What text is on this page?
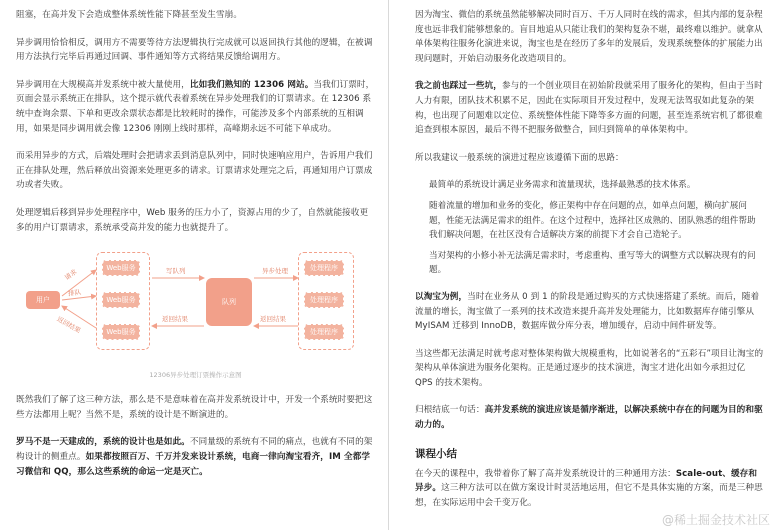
阻塞，在高并发下会造成整体系统性能下降甚至发生雪崩。

异步调用恰恰相反，调用方不需要等待方法逻辑执行完成就可以返回执行其他的逻辑，在被调用方法执行完毕后再通过回调、事件通知等方式将结果反馈给调用方。

异步调用在大规模高并发系统中被大量使用，比如我们熟知的 12306 网站。当我们订票时，页面会显示系统正在排队，这个提示就代表着系统在异步处理我们的订票请求。在 12306 系统中查询余票、下单和更改余票状态都是比较耗时的操作，可能涉及多个内部系统的互相调用，如果是同步调用就会像 12306 刚刚上线时那样，高峰期永远不可能下单成功。

而采用异步的方式，后端处理时会把请求丢到消息队列中，同时快速响应用户，告诉用户我们正在排队处理，然后释放出资源来处理更多的请求。订票请求处理完之后，再通知用户订票成功或者失败。

处理逻辑后移到异步处理程序中，Web 服务的压力小了，资源占用的少了，自然就能接收更多的用户订票请求，系统承受高并发的能力也就提升了。

用户
Web服务
Web服务
Web服务
队列
处理程序
处理程序
处理程序
请求
排队
返回结果
写队列
返回结果
异步处理
返回结果
12306异步处理订票操作示意图

既然我们了解了这三种方法，那么是不是意味着在高并发系统设计中，开发一个系统时要把这些方法都用上呢？当然不是，系统的设计是不断演进的。

罗马不是一天建成的，系统的设计也是如此。不同量级的系统有不同的痛点，也就有不同的架构设计的侧重点。如果都按照百万、千万并发来设计系统，电商一律向淘宝看齐，IM 全都学习微信和 QQ，那么这些系统的命运一定是灭亡。

因为淘宝、微信的系统虽然能够解决同时百万、千万人同时在线的需求，但其内部的复杂程度也远非我们能够想象的。盲目地追从只能让我们的架构复杂不堪，最终难以维护。就拿从单体架构往服务化演进来说，淘宝也是在经历了多年的发展后，发现系统整体的扩展能力出现问题时，开始启动服务化改造项目的。

我之前也踩过一些坑，参与的一个创业项目在初始阶段就采用了服务化的架构，但由于当时人力有限，团队技术积累不足，因此在实际项目开发过程中，发现无法驾驭如此复杂的架构，也出现了问题难以定位、系统整体性能下降等多方面的问题，甚至连系统宕机了都很难追查到根本原因，最后不得不把服务做整合，回归到简单的单体架构中。

所以我建议一般系统的演进过程应该遵循下面的思路：

最简单的系统设计满足业务需求和流量现状，选择最熟悉的技术体系。
随着流量的增加和业务的变化，修正架构中存在问题的点，如单点问题，横向扩展问题，性能无法满足需求的组件。在这个过程中，选择社区成熟的、团队熟悉的组件帮助我们解决问题，在社区没有合适解决方案的前提下才会自己造轮子。
当对架构的小修小补无法满足需求时，考虑重构、重写等大的调整方式以解决现有的问题。

以淘宝为例，当时在业务从 0 到 1 的阶段是通过购买的方式快速搭建了系统。而后，随着流量的增长，淘宝做了一系列的技术改造来提升高并发处理能力，比如数据库存储引擎从 MyISAM 迁移到 InnoDB，数据库做分库分表，增加缓存，启动中间件研发等。

当这些都无法满足时就考虑对整体架构做大规模重构，比如说著名的“五彩石”项目让淘宝的架构从单体演进为服务化架构。正是通过逐步的技术演进，淘宝才进化出如今承担过亿 QPS 的技术架构。

归根结底一句话：高并发系统的演进应该是循序渐进，以解决系统中存在的问题为目的和驱动力的。

课程小结

在今天的课程中，我带着你了解了高并发系统设计的三种通用方法：Scale-out、缓存和异步。这三种方法可以在做方案设计时灵活地运用，但它不是具体实施的方案，而是三种思想，在实际运用中会千变万化。

@稀土掘金技术社区
